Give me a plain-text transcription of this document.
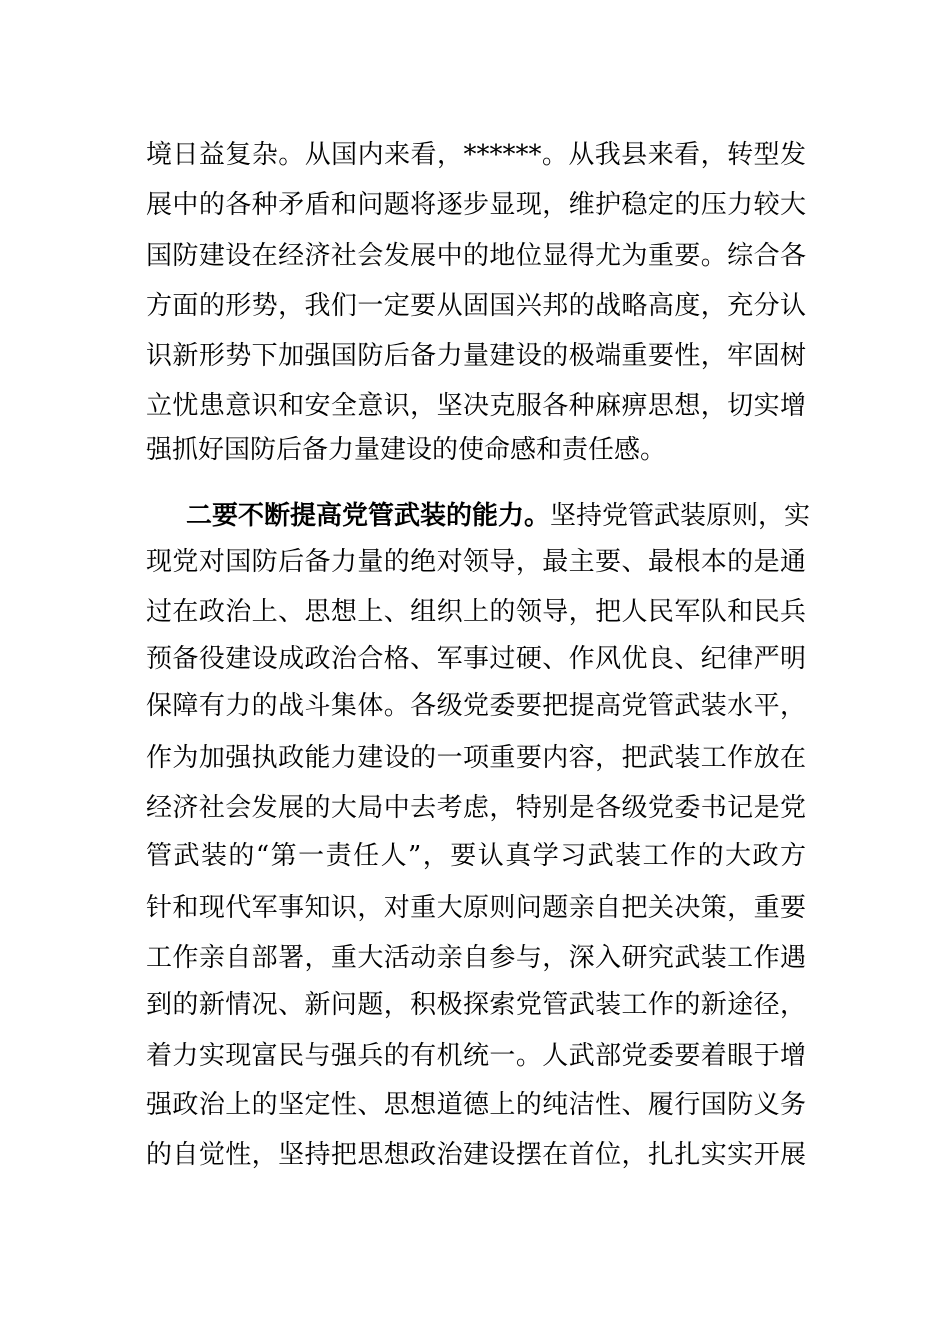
境日益复杂。从国内来看，******。从我县来看，转型发
展中的各种矛盾和问题将逐步显现，维护稳定的压力较大
国防建设在经济社会发展中的地位显得尤为重要。综合各
方面的形势，我们一定要从固国兴邦的战略高度，充分认
识新形势下加强国防后备力量建设的极端重要性，牢固树
立忧患意识和安全意识，坚决克服各种麻痹思想，切实增
强抓好国防后备力量建设的使命感和责任感。
二要不断提高党管武装的能力。坚持党管武装原则，实
现党对国防后备力量的绝对领导，最主要、最根本的是通
过在政治上、思想上、组织上的领导，把人民军队和民兵
预备役建设成政治合格、军事过硬、作风优良、纪律严明
保障有力的战斗集体。各级党委要把提高党管武装水平，
作为加强执政能力建设的一项重要内容，把武装工作放在
经济社会发展的大局中去考虑，特别是各级党委书记是党
管武装的“第一责任人”，要认真学习武装工作的大政方
针和现代军事知识，对重大原则问题亲自把关决策，重要
工作亲自部署，重大活动亲自参与，深入研究武装工作遇
到的新情况、新问题，积极探索党管武装工作的新途径，
着力实现富民与强兵的有机统一。人武部党委要着眼于增
强政治上的坚定性、思想道德上的纯洁性、履行国防义务
的自觉性，坚持把思想政治建设摆在首位，扎扎实实开展
